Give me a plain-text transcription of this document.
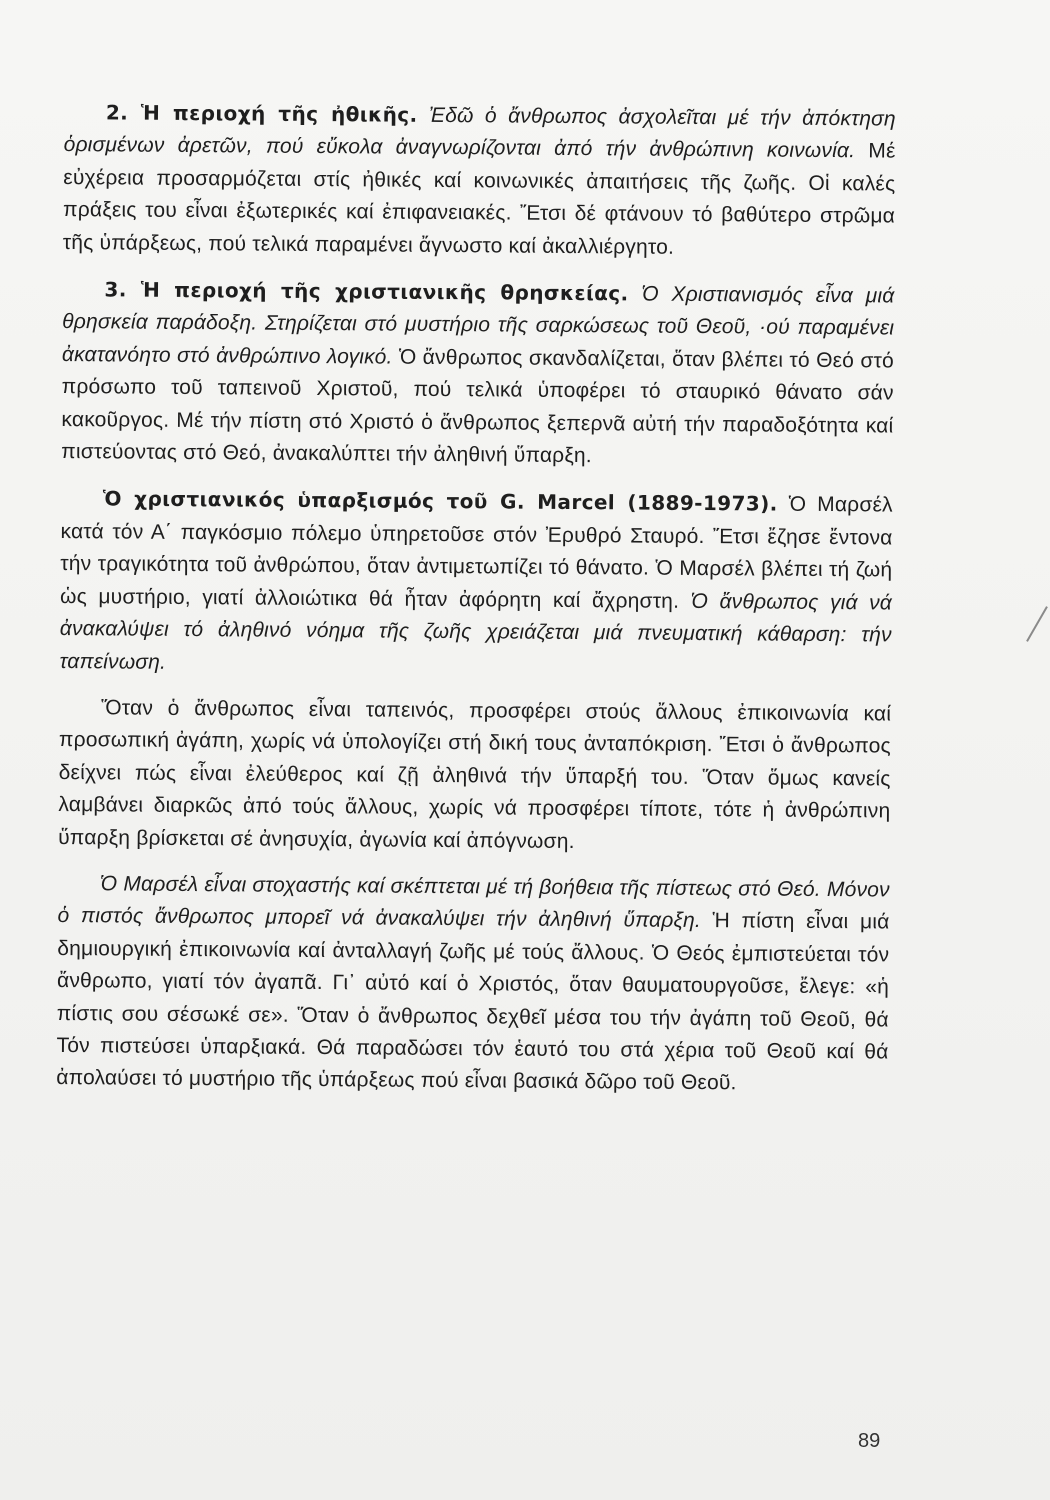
2. Ἡ περιοχή τῆς ἠθικῆς. Ἐδῶ ὁ ἄνθρωπος ἀσχολεῖται μέ τήν ἀπόκτηση ὁρισμένων ἀρετῶν, πού εὔκολα ἀναγνωρίζονται ἀπό τήν ἀνθρώπινη κοινωνία. Μέ εὐχέρεια προσαρμόζεται στίς ἠθικές καί κοινωνικές ἀπαιτήσεις τῆς ζωῆς. Οἱ καλές πράξεις του εἶναι ἐξωτερικές καί ἐπιφανειακές. Ἔτσι δέ φτάνουν τό βαθύτερο στρῶμα τῆς ὑπάρξεως, πού τελικά παραμένει ἄγνωστο καί ἀκαλλιέργητο.

3. Ἡ περιοχή τῆς χριστιανικῆς θρησκείας. Ὁ Χριστιανισμός εἶνα μιά θρησκεία παράδοξη. Στηρίζεται στό μυστήριο τῆς σαρκώσεως τοῦ Θεοῦ, ·ού παραμένει ἀκατανόητο στό ἀνθρώπινο λογικό. Ὁ ἄνθρωπος σκανδαλίζεται, ὅταν βλέπει τό Θεό στό πρόσωπο τοῦ ταπεινοῦ Χριστοῦ, πού τελικά ὑποφέρει τό σταυρικό θάνατο σάν κακοῦργος. Μέ τήν πίστη στό Χριστό ὁ ἄνθρωπος ξεπερνᾶ αὐτή τήν παραδοξότητα καί πιστεύοντας στό Θεό, ἀνακαλύπτει τήν ἀληθινή ὕπαρξη.

Ὁ χριστιανικός ὑπαρξισμός τοῦ G. Marcel (1889-1973). Ὁ Μαρσέλ κατά τόν Α΄ παγκόσμιο πόλεμο ὑπηρετοῦσε στόν Ἐρυθρό Σταυρό. Ἔτσι ἔζησε ἔντονα τήν τραγικότητα τοῦ ἀνθρώπου, ὅταν ἀντιμετωπίζει τό θάνατο. Ὁ Μαρσέλ βλέπει τή ζωή ὡς μυστήριο, γιατί ἀλλοιώτικα θά ἦταν ἀφόρητη καί ἄχρηστη. Ὁ ἄνθρωπος γιά νά ἀνακαλύψει τό ἀληθινό νόημα τῆς ζωῆς χρειάζεται μιά πνευματική κάθαρση: τήν ταπείνωση.

Ὅταν ὁ ἄνθρωπος εἶναι ταπεινός, προσφέρει στούς ἄλλους ἐπικοινωνία καί προσωπική ἀγάπη, χωρίς νά ὑπολογίζει στή δική τους ἀνταπόκριση. Ἔτσι ὁ ἄνθρωπος δείχνει πώς εἶναι ἐλεύθερος καί ζῇ ἀληθινά τήν ὕπαρξή του. Ὅταν ὅμως κανείς λαμβάνει διαρκῶς ἀπό τούς ἄλλους, χωρίς νά προσφέρει τίποτε, τότε ἡ ἀνθρώπινη ὕπαρξη βρίσκεται σέ ἀνησυχία, ἀγωνία καί ἀπόγνωση.

Ὁ Μαρσέλ εἶναι στοχαστής καί σκέπτεται μέ τή βοήθεια τῆς πίστεως στό Θεό. Μόνον ὁ πιστός ἄνθρωπος μπορεῖ νά ἀνακαλύψει τήν ἀληθινή ὕπαρξη. Ἡ πίστη εἶναι μιά δημιουργική ἐπικοινωνία καί ἀνταλλαγή ζωῆς μέ τούς ἄλλους. Ὁ Θεός ἐμπιστεύεται τόν ἄνθρωπο, γιατί τόν ἀγαπᾶ. Γι᾿ αὐτό καί ὁ Χριστός, ὅταν θαυματουργοῦσε, ἔλεγε: «ἡ πίστις σου σέσωκέ σε». Ὅταν ὁ ἄνθρωπος δεχθεῖ μέσα του τήν ἀγάπη τοῦ Θεοῦ, θά Τόν πιστεύσει ὑπαρξιακά. Θά παραδώσει τόν ἑαυτό του στά χέρια τοῦ Θεοῦ καί θά ἀπολαύσει τό μυστήριο τῆς ὑπάρξεως πού εἶναι βασικά δῶρο τοῦ Θεοῦ.

89
